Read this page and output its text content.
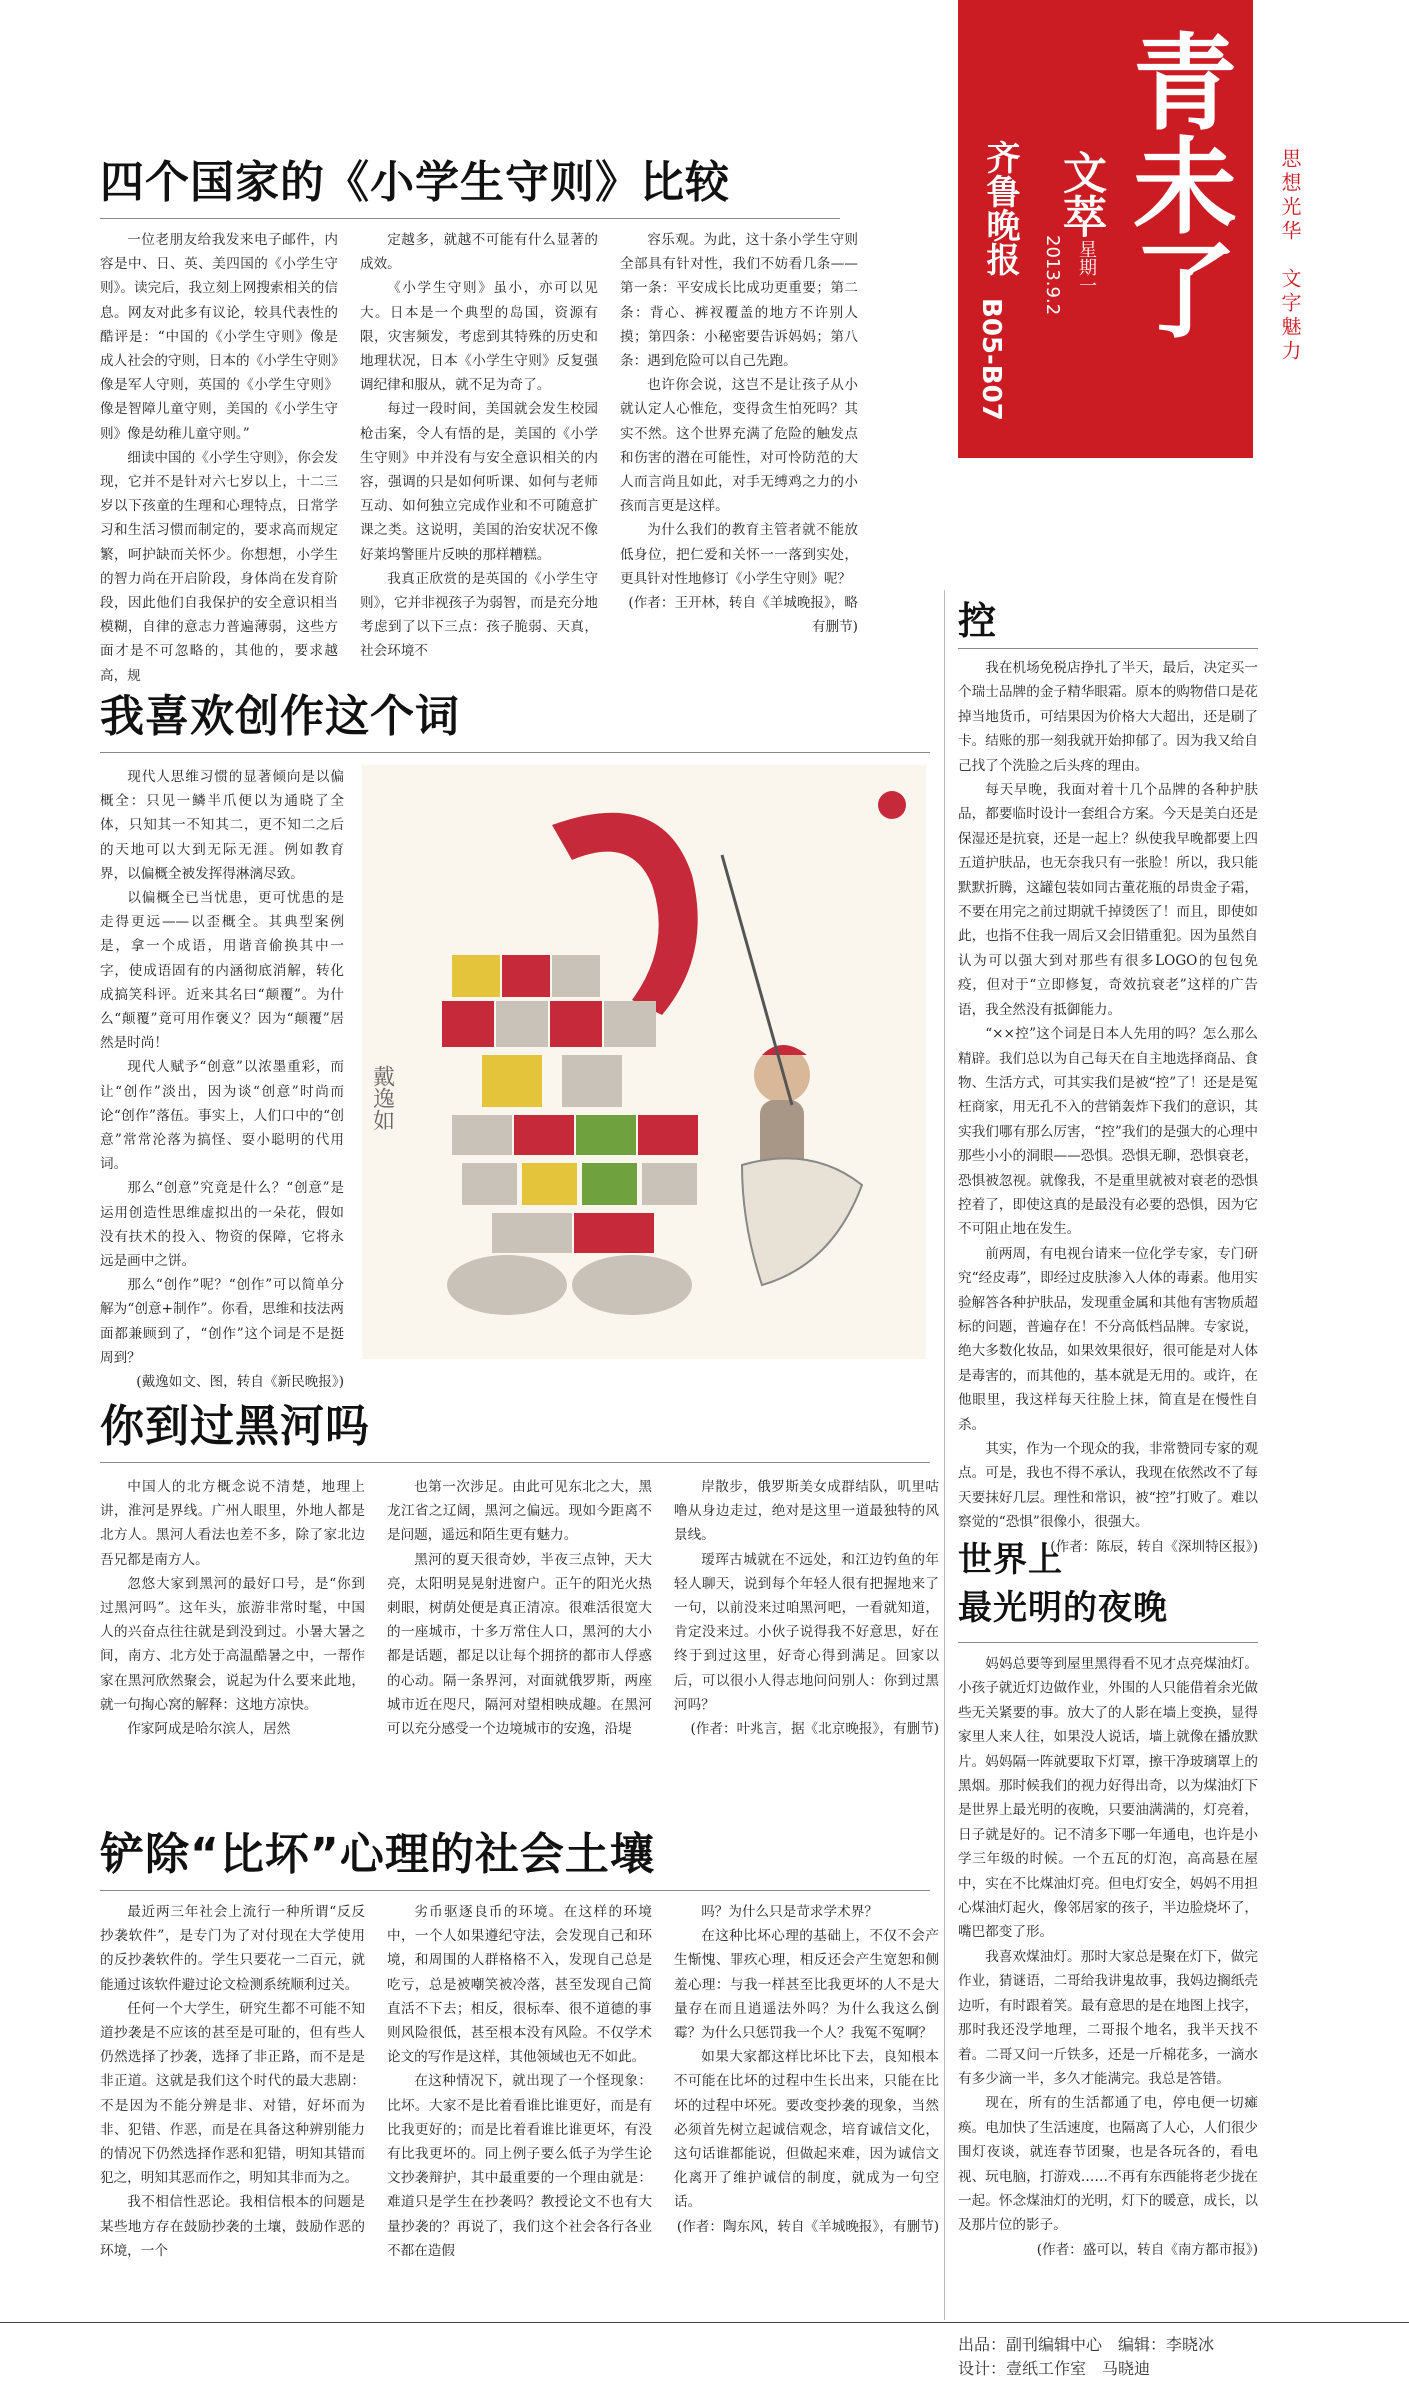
青未了
齐鲁晚报 文萃
星期一
2013.9.2
B05-B07	思想光华　文字魅力
四个国家的《小学生守则》比较

一位老朋友给我发来电子邮件，内容是中、日、英、美四国的《小学生守则》。读完后，我立刻上网搜索相关的信息。网友对此多有议论，较具代表性的酷评是：“中国的《小学生守则》像是成人社会的守则，日本的《小学生守则》像是军人守则，英国的《小学生守则》像是智障儿童守则，美国的《小学生守则》像是幼稚儿童守则。”

细读中国的《小学生守则》，你会发现，它并不是针对六七岁以上，十二三岁以下孩童的生理和心理特点，日常学习和生活习惯而制定的，要求高而规定繁，呵护缺而关怀少。你想想，小学生的智力尚在开启阶段，身体尚在发育阶段，因此他们自我保护的安全意识相当模糊，自律的意志力普遍薄弱，这些方面才是不可忽略的，其他的，要求越高，规

定越多，就越不可能有什么显著的成效。

《小学生守则》虽小，亦可以见大。日本是一个典型的岛国，资源有限，灾害频发，考虑到其特殊的历史和地理状况，日本《小学生守则》反复强调纪律和服从，就不足为奇了。

每过一段时间，美国就会发生校园枪击案，令人有悟的是，美国的《小学生守则》中并没有与安全意识相关的内容，强调的只是如何听课、如何与老师互动、如何独立完成作业和不可随意扩课之类。这说明，美国的治安状况不像好莱坞警匪片反映的那样糟糕。

我真正欣赏的是英国的《小学生守则》，它并非视孩子为弱智，而是充分地考虑到了以下三点：孩子脆弱、天真，社会环境不

容乐观。为此，这十条小学生守则全部具有针对性，我们不妨看几条——第一条：平安成长比成功更重要；第二条：背心、裤衩覆盖的地方不许别人摸；第四条：小秘密要告诉妈妈；第八条：遇到危险可以自己先跑。

也许你会说，这岂不是让孩子从小就认定人心惟危，变得贪生怕死吗？其实不然。这个世界充满了危险的触发点和伤害的潜在可能性，对可怜防范的大人而言尚且如此，对手无缚鸡之力的小孩而言更是这样。

为什么我们的教育主管者就不能放低身位，把仁爱和关怀一一落到实处，更具针对性地修订《小学生守则》呢？

(作者：王开林，转自《羊城晚报》，略有删节)

我喜欢创作这个词

现代人思维习惯的显著倾向是以偏概全：只见一鳞半爪便以为通晓了全体，只知其一不知其二，更不知二之后的天地可以大到无际无涯。例如教育界，以偏概全被发挥得淋漓尽致。

以偏概全已当忧患，更可忧患的是走得更远——以歪概全。其典型案例是，拿一个成语，用谐音偷换其中一字，使成语固有的内涵彻底消解，转化成搞笑科评。近来其名曰“颠覆”。为什么“颠覆”竟可用作褒义？因为“颠覆”居然是时尚！

现代人赋予“创意”以浓墨重彩，而让“创作”淡出，因为谈“创意”时尚而论“创作”落伍。事实上，人们口中的“创意”常常沦落为搞怪、耍小聪明的代用词。

那么“创意”究竟是什么？“创意”是运用创造性思维虚拟出的一朵花，假如没有扶术的投入、物资的保障，它将永远是画中之饼。

那么“创作”呢？“创作”可以简单分解为“创意+制作”。你看，思维和技法两面都兼顾到了，“创作”这个词是不是挺周到？

(戴逸如文、图，转自《新民晚报》)

戴逸如
你到过黑河吗

中国人的北方概念说不清楚，地理上讲，淮河是界线。广州人眼里，外地人都是北方人。黑河人看法也差不多，除了家北边吾兄都是南方人。

忽悠大家到黑河的最好口号，是“你到过黑河吗”。这年头，旅游非常时髦，中国人的兴奋点往往就是到没到过。小暑大暑之间，南方、北方处于高温酷暑之中，一帮作家在黑河欣然聚会，说起为什么要来此地，就一句掏心窝的解释：这地方凉快。

作家阿成是哈尔滨人，居然

也第一次涉足。由此可见东北之大，黑龙江省之辽阔，黑河之偏远。现如今距离不是问题，遥远和陌生更有魅力。

黑河的夏天很奇妙，半夜三点钟，天大亮，太阳明晃晃射进窗户。正午的阳光火热刺眼，树荫处便是真正清凉。很难活很宽大的一座城市，十多万常住人口，黑河的大小都是话题，都足以让每个拥挤的都市人俘惑的心动。隔一条界河，对面就俄罗斯，两座城市近在咫尺，隔河对望相映成趣。在黑河可以充分感受一个边境城市的安逸，沿堤

岸散步，俄罗斯美女成群结队，叽里咕噜从身边走过，绝对是这里一道最独特的风景线。

瑷珲古城就在不远处，和江边钓鱼的年轻人聊天，说到每个年轻人很有把握地来了一句，以前没来过咱黑河吧，一看就知道，肯定没来过。小伙子说得我不好意思，好在终于到过这里，好奇心得到满足。回家以后，可以很小人得志地问问别人：你到过黑河吗？

(作者：叶兆言，据《北京晚报》，有删节)

铲除“比坏”心理的社会土壤

最近两三年社会上流行一种所谓“反反抄袭软件”，是专门为了对付现在大学使用的反抄袭软件的。学生只要花一二百元，就能通过该软件避过论文检测系统顺利过关。

任何一个大学生，研究生都不可能不知道抄袭是不应该的甚至是可耻的，但有些人仍然选择了抄袭，选择了非正路，而不是是非正道。这就是我们这个时代的最大悲剧：不是因为不能分辨是非、对错，好坏而为非、犯错、作恶，而是在具备这种辨别能力的情况下仍然选择作恶和犯错，明知其错而犯之，明知其恶而作之，明知其非而为之。

我不相信性恶论。我相信根本的问题是某些地方存在鼓励抄袭的土壤，鼓励作恶的环境，一个

劣币驱逐良币的环境。在这样的环境中，一个人如果遵纪守法，会发现自己和环境，和周围的人群格格不入，发现自己总是吃亏，总是被嘲笑被冷落，甚至发现自己简直活不下去；相反，很标奉、很不道德的事则风险很低，甚至根本没有风险。不仅学术论文的写作是这样，其他领域也无不如此。

在这种情况下，就出现了一个怪现象：比坏。大家不是比着看谁比谁更好，而是有比我更好的；而是比着看谁比谁更坏，有没有比我更坏的。同上例子要么低子为学生论文抄袭辩护，其中最重要的一个理由就是：难道只是学生在抄袭吗？教授论文不也有大量抄袭的？再说了，我们这个社会各行各业不都在造假

吗？为什么只是苛求学术界？

在这种比坏心理的基础上，不仅不会产生惭愧、罪疚心理，相反还会产生宽恕和侧羞心理：与我一样甚至比我更坏的人不是大量存在而且逍遥法外吗？为什么我这么倒霉？为什么只惩罚我一个人？我冤不冤啊？

如果大家都这样比坏比下去，良知根本不可能在比坏的过程中生长出来，只能在比坏的过程中坏死。要改变抄袭的现象，当然必须首先树立起诚信观念，培育诚信文化，这句话谁都能说，但做起来难，因为诚信文化离开了维护诚信的制度，就成为一句空话。

(作者：陶东风，转自《羊城晚报》，有删节)

控

我在机场免税店挣扎了半天，最后，决定买一个瑞士品牌的金子精华眼霜。原本的购物借口是花掉当地货币，可结果因为价格大大超出，还是刷了卡。结账的那一刻我就开始抑郁了。因为我又给自己找了个洗脸之后头疼的理由。

每天早晚，我面对着十几个品牌的各种护肤品，都要临时设计一套组合方案。今天是美白还是保湿还是抗衰，还是一起上？纵使我早晚都要上四五道护肤品，也无奈我只有一张脸！所以，我只能默默折腾，这罐包装如同古董花瓶的昂贵金子霜，不要在用完之前过期就千掉烫医了！而且，即使如此，也指不住我一周后又会旧错重犯。因为虽然自认为可以强大到对那些有很多LOGO的包包免疫，但对于“立即修复，奇效抗衰老”这样的广告语，我全然没有抵御能力。

“××控”这个词是日本人先用的吗？怎么那么精辟。我们总以为自己每天在自主地选择商品、食物、生活方式，可其实我们是被“控”了！还是是冤枉商家，用无孔不入的营销轰炸下我们的意识，其实我们哪有那么厉害，“控”我们的是强大的心理中那些小小的洞眼——恐惧。恐惧无聊，恐惧衰老，恐惧被忽视。就像我，不是重里就被对衰老的恐惧控着了，即使这真的是最没有必要的恐惧，因为它不可阻止地在发生。

前两周，有电视台请来一位化学专家，专门研究“经皮毒”，即经过皮肤渗入人体的毒素。他用实验解答各种护肤品，发现重金属和其他有害物质超标的问题，普遍存在！不分高低档品牌。专家说，绝大多数化妆品，如果效果很好，很可能是对人体是毒害的，而其他的，基本就是无用的。或许，在他眼里，我这样每天往脸上抹，简直是在慢性自杀。

其实，作为一个现众的我，非常赞同专家的观点。可是，我也不得不承认，我现在依然改不了每天要抹好几层。理性和常识，被“控”打败了。难以察觉的“恐惧”很像小，很强大。

(作者：陈辰，转自《深圳特区报》)

世界上
最光明的夜晚

妈妈总要等到屋里黑得看不见才点亮煤油灯。小孩子就近灯边做作业，外围的人只能借着余光做些无关紧要的事。放大了的人影在墙上变换，显得家里人来人往，如果没人说话，墙上就像在播放默片。妈妈隔一阵就要取下灯罩，擦干净玻璃罩上的黑烟。那时候我们的视力好得出奇，以为煤油灯下是世界上最光明的夜晚，只要油满满的，灯亮着，日子就是好的。记不清多下哪一年通电，也许是小学三年级的时候。一个五瓦的灯泡，高高悬在屋中，实在不比煤油灯亮。但电灯安全，妈妈不用担心煤油灯起火，像邻居家的孩子，半边脸烧坏了，嘴巴都变了形。

我喜欢煤油灯。那时大家总是聚在灯下，做完作业，猜谜语，二哥给我讲鬼故事，我妈边搁纸壳边听，有时跟着笑。最有意思的是在地图上找字，那时我还没学地理，二哥报个地名，我半天找不着。二哥又问一斤铁多，还是一斤棉花多，一滴水有多少滴一半，多久才能满完。我总是答错。

现在，所有的生活都通了电，停电便一切瘫痪。电加快了生活速度，也隔离了人心，人们很少围灯夜谈，就连春节团聚，也是各玩各的，看电视、玩电脑，打游戏……不再有东西能将老少拢在一起。怀念煤油灯的光明，灯下的暖意，成长，以及那片位的影子。

(作者：盛可以，转自《南方都市报》)

出品：副刊编辑中心　编辑：李晓冰
设计：壹纸工作室　马晓迪
